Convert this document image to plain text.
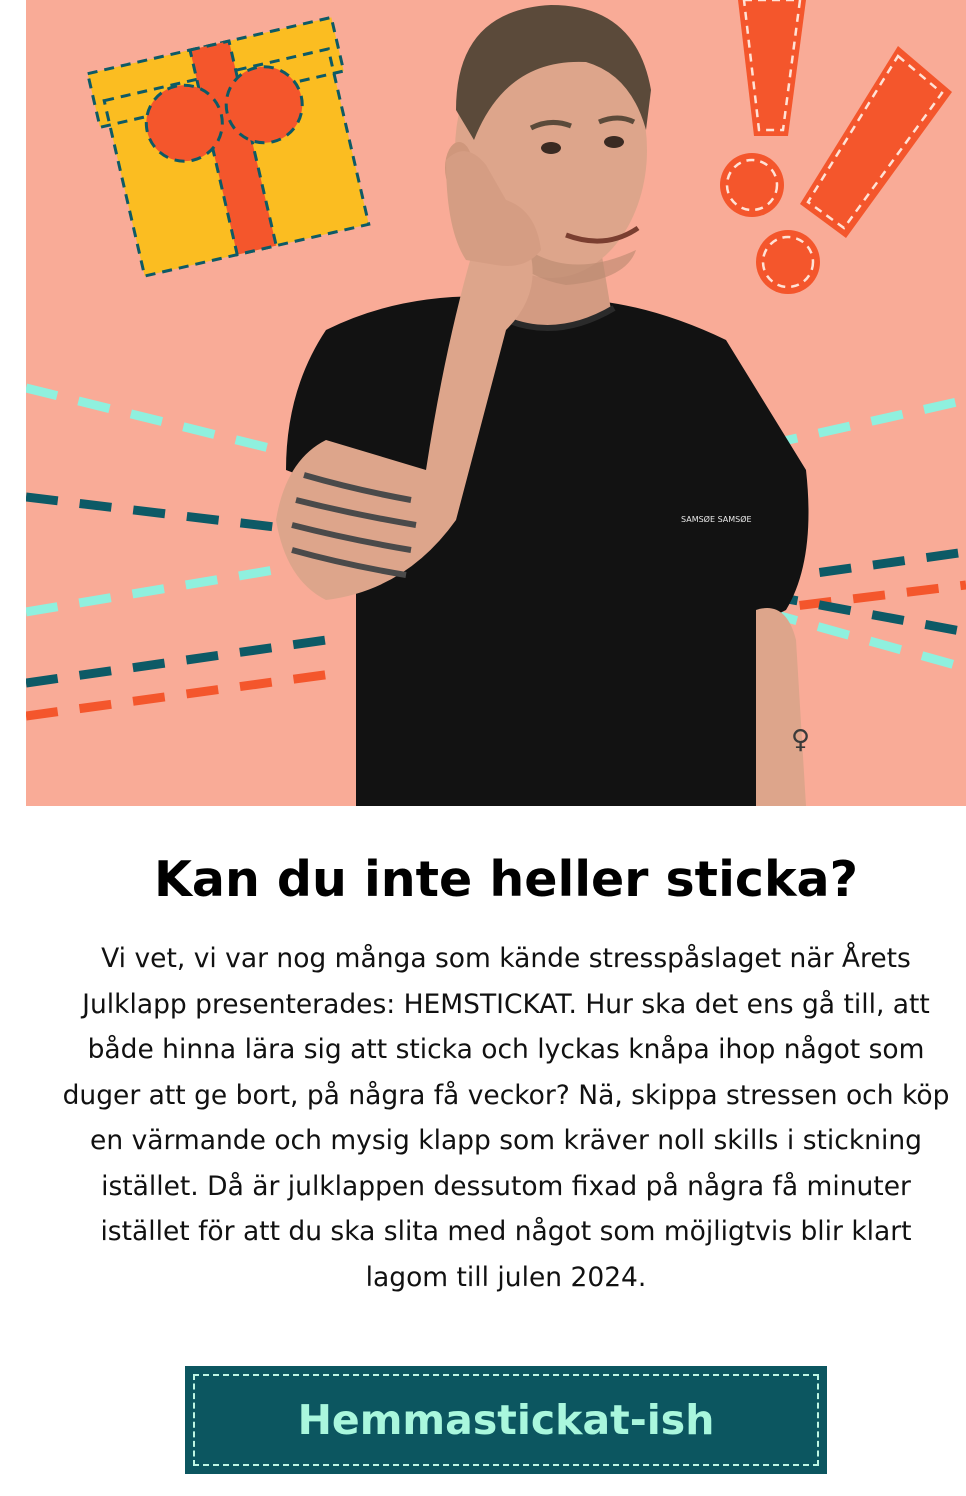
♀
SAMSØE SAMSØE
Kan du inte heller sticka?

Vi vet, vi var nog många som kände stresspåslaget när Årets Julklapp presenterades: HEMSTICKAT. Hur ska det ens gå till, att både hinna lära sig att sticka och lyckas knåpa ihop något som duger att ge bort, på några få veckor? Nä, skippa stressen och köp en värmande och mysig klapp som kräver noll skills i stickning istället. Då är julklappen dessutom fixad på några få minuter istället för att du ska slita med något som möjligtvis blir klart lagom till julen 2024.

Hemmastickat-ish
